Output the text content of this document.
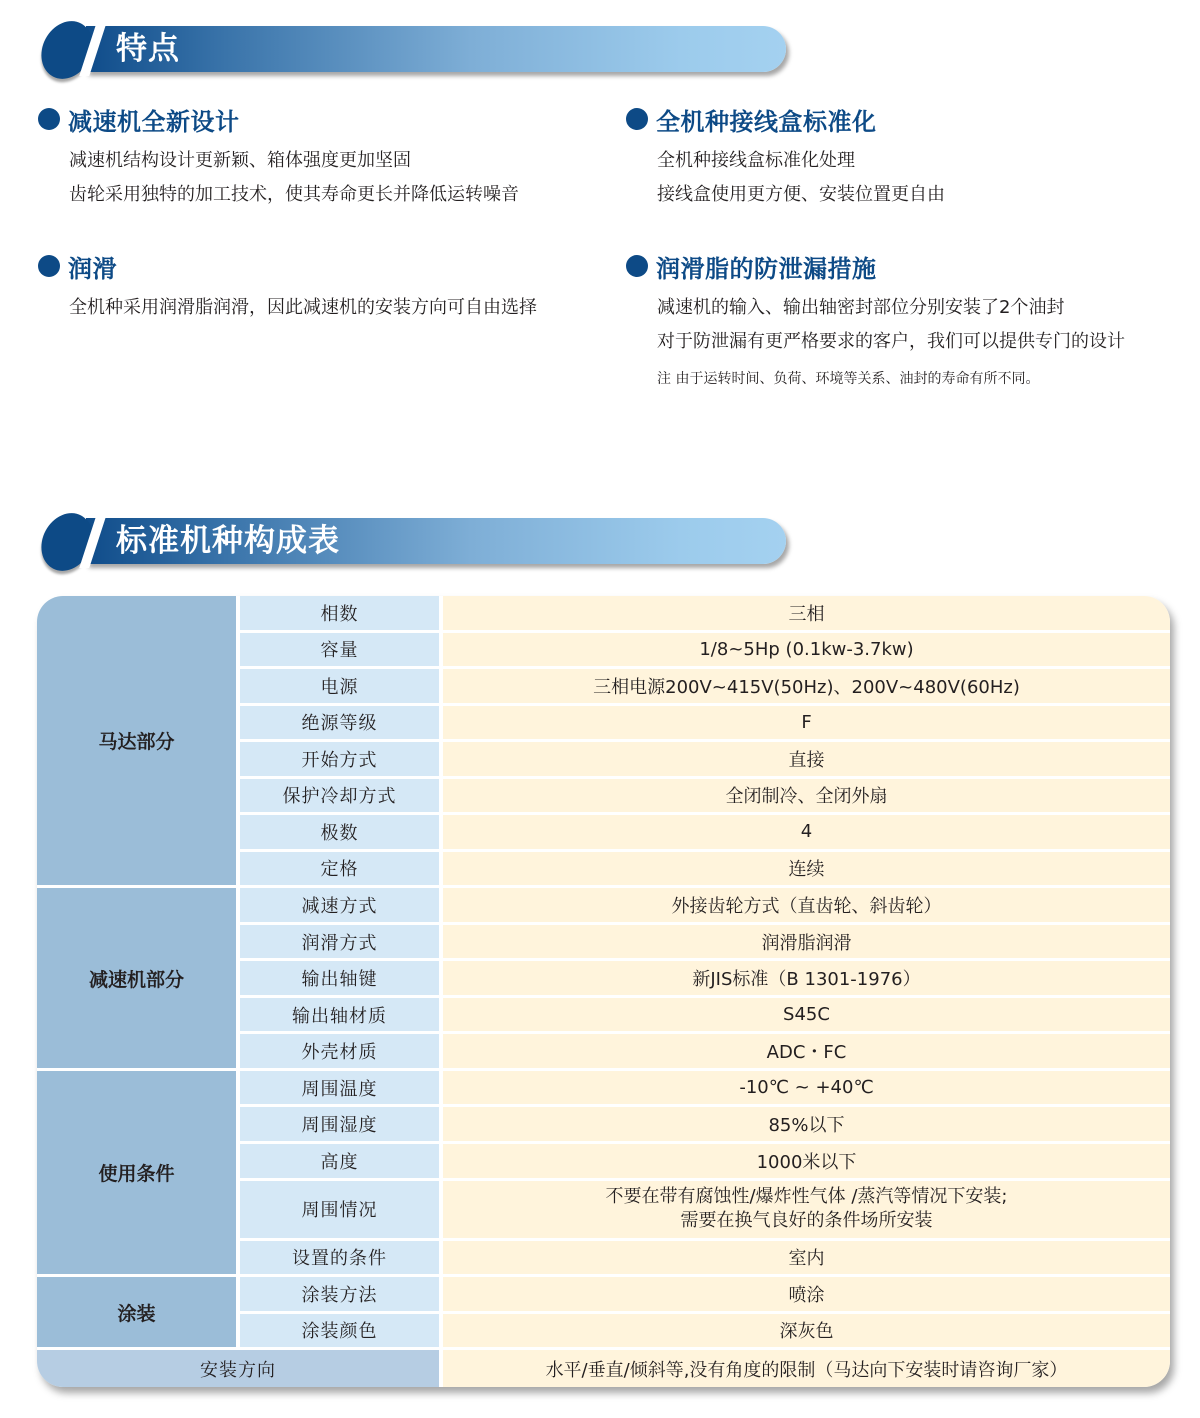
特点
减速机全新设计
减速机结构设计更新颖、箱体强度更加坚固
齿轮采用独特的加工技术，使其寿命更长并降低运转噪音
全机种接线盒标准化
全机种接线盒标准化处理
接线盒使用更方便、安装位置更自由
润滑
全机种采用润滑脂润滑，因此减速机的安装方向可自由选择
润滑脂的防泄漏措施
减速机的输入、输出轴密封部位分别安装了2个油封
对于防泄漏有更严格要求的客户，我们可以提供专门的设计
注 由于运转时间、负荷、环境等关系、油封的寿命有所不同。
标准机种构成表
马达部分	相数	三相
	容量	1/8~5Hp (0.1kw-3.7kw)
	电源	三相电源200V~415V(50Hz)、200V~480V(60Hz)
	绝源等级	F
	开始方式	直接
	保护冷却方式	全闭制冷、全闭外扇
	极数	4
	定格	连续
减速机部分	减速方式	外接齿轮方式（直齿轮、斜齿轮）
	润滑方式	润滑脂润滑
	输出轴键	新JIS标准（B 1301-1976）
	输出轴材质	S45C
	外壳材质	ADC・FC
使用条件	周围温度	-10℃ ~ +40℃
	周围湿度	85%以下
	高度	1000米以下
	周围情况	不要在带有腐蚀性/爆炸性气体 /蒸汽等情况下安装;
需要在换气良好的条件场所安装

	设置的条件	室内
涂装	涂装方法	喷涂
	涂装颜色	深灰色
安装方向		水平/垂直/倾斜等,没有角度的限制（马达向下安装时请咨询厂家）
